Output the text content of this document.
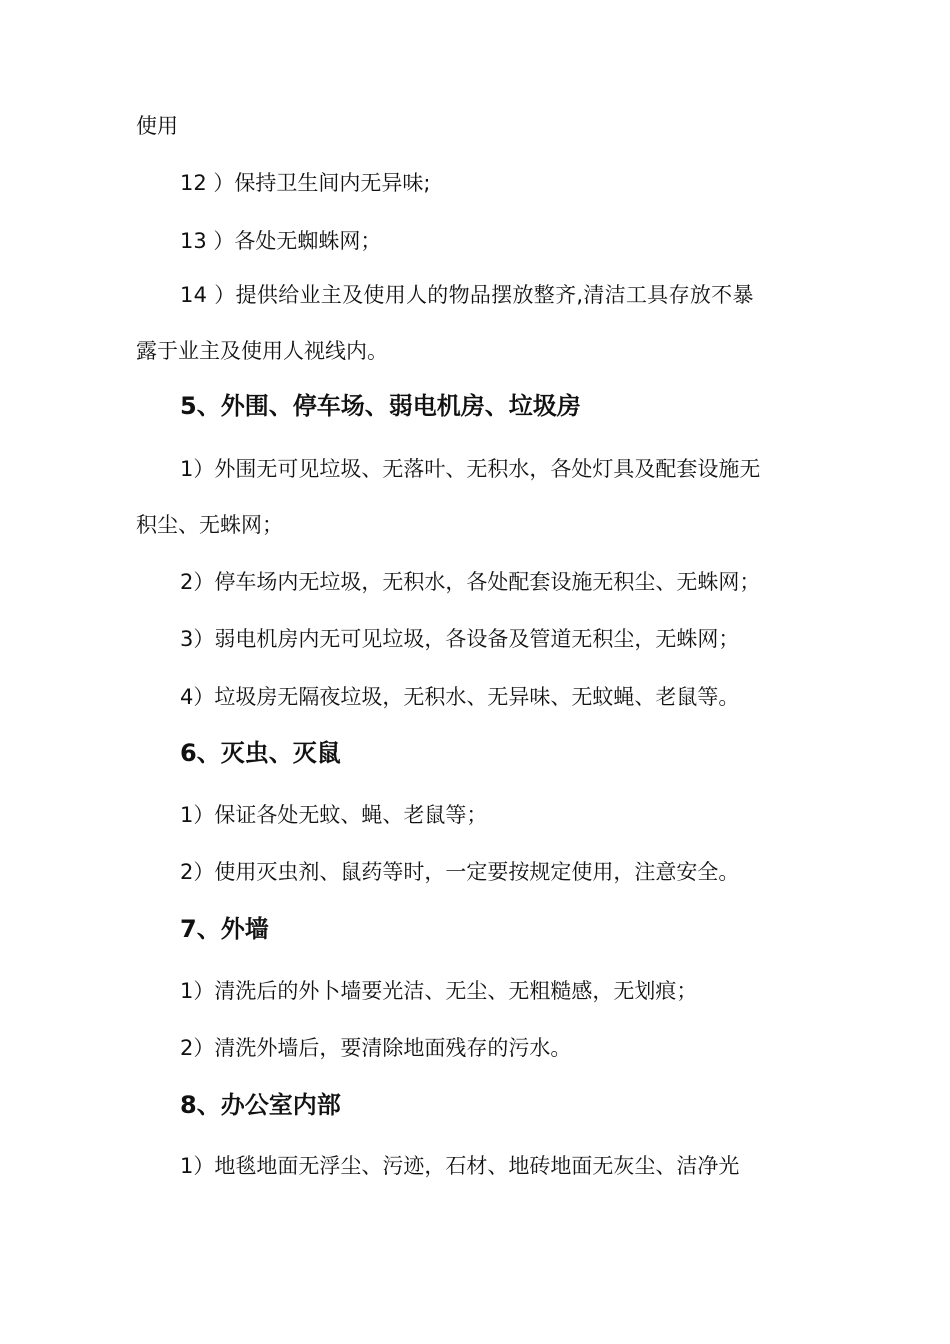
使用
12 ）保持卫生间内无异味;
13 ）各处无蜘蛛网；
14 ）提供给业主及使用人的物品摆放整齐,清洁工具存放不暴
露于业主及使用人视线内。
5、外围、停车场、弱电机房、垃圾房
1）外围无可见垃圾、无落叶、无积水，各处灯具及配套设施无
积尘、无蛛网；
2）停车场内无垃圾，无积水，各处配套设施无积尘、无蛛网；
3）弱电机房内无可见垃圾，各设备及管道无积尘，无蛛网；
4）垃圾房无隔夜垃圾，无积水、无异味、无蚊蝇、老鼠等。
6、灭虫、灭鼠
1）保证各处无蚊、蝇、老鼠等；
2）使用灭虫剂、鼠药等时，一定要按规定使用，注意安全。
7、外墙
1）清洗后的外卜墙要光洁、无尘、无粗糙感，无划痕；
2）清洗外墙后，要清除地面残存的污水。
8、办公室内部
1）地毯地面无浮尘、污迹，石材、地砖地面无灰尘、洁净光
